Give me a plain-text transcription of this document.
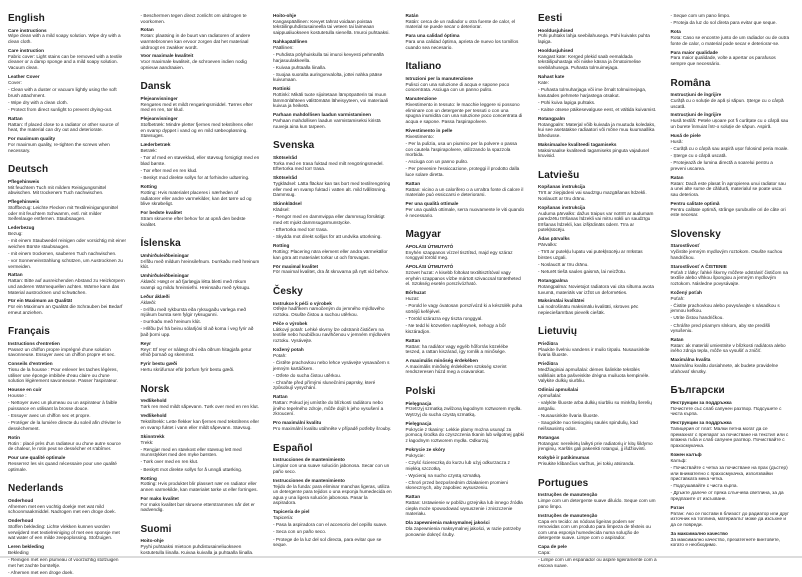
English
Care instructions
Wipe clean with a mild soapy solution. Wipe dry with a clean cloth.
Care instruction
Fabric cover: Light stains can be removed with a textile cleaner or a damp sponge and a mild soapy solution. Vacuum clean.
Leather Cover
Cover:
- Clean with a duster or vacuum lightly using the soft brush attachment.
- Wipe dry with a clean cloth.
- Protect from direct sunlight to prevent drying-out.
Rattan
Rattan: If placed close to a radiator or other source of heat, the material can dry out and deteriorate.
For maximum quality
For maximum quality, re-tighten the screws when necessary.
Deutsch
Pflegehinweis
Mit feuchtem Tuch mit mildem Reinigungsmittel abwischen. Mit trockenem Tuch nachwischen.
Pflegehinweis
Stoffbezug: Leichte Flecken mit Textilreinigungsmittel oder mit feuchtem Schwamm, evtl. mit milder Seifenlauge entfernen. Staubsaugen.
Lederbezug
Bezug:
- mit einem Staubwedel reinigen oder vorsichtig mit einer weichen Bürste staubsaugen.
- mit einem trockenen, sauberen Tuch nachwischen.
- vor Sonneneinstrahlung schützen, um Austrocknen zu vermeiden.
Rattan
Rattan: Bitte auf ausreichenden Abstand zu Heizkörpern und anderen Wärmequellen achten. Wärme kann das Material austrocknen und schwächen.
Für ein Maximum an Qualität
Für ein Maximum an Qualität die Schrauben bei Bedarf erneut anziehen.
Français
Instructions d'entretien
Passez un chiffon propre imprégné d'une solution savonneuse. Essuyer avec un chiffon propre et sec.
Conseils d'entretien
Tissu de la housse : Pour enlever les taches légères, utiliser une éponge imbibée d'eau claire ou d'une solution légèrement savonneuse. Passer l'aspirateur.
Housse en cuir
Housse :
- Nettoyer avec un plumeau ou un aspirateur à faible puissance en utilisant la brosse douce.
- Essuyer avec un chiffon sec et propre.
- Protéger de la lumière directe du soleil afin d'éviter le dessèchement.
Rotin
Rotin : placé près d'un radiateur ou d'une autre source de chaleur, le rotin peut se dessécher et s'abîmer.
Pour une qualité optimale
Resserrez les vis quand nécessaire pour une qualité optimale.
Nederlands
Onderhoud
Afnemen met een vochtig doekje met wat mild schoonmaakmiddel. Nadrogen met een droge doek.
Onderhoud
Stoffen bekleding: Lichte vlekken kunnen worden verwijderd met textielreiniging of met een sponsje met wat water of een milde zeepoplossing. Stofzuigen.
Leren bekleding
Bekleding
- Reinigen met een plumeau of voorzichtig stofzuigen met het zachte borsteltje.
- Afnemen met een droge doek.
- Beschermen tegen direct zonlicht om uitdrogen te voorkomen.
Rotan
Rotan: plaatsing in de buurt van radiatoren of andere warmtebronnen kan ervoor zorgen dat het materiaal uitdroogt en zwakker wordt.
Voor maximale kwaliteit
Voor maximale kwaliteit, de schroeven indien nodig opnieuw aandraaien.
Dansk
Plejeanvisninger
Rengøres med et mildt rengøringsmiddel. Tørres efter med en ren, tør klud.
Plejeanvisninger
Stofbetræk: Mindre pletter fjernes med tekstilrens eller en svamp dyppet i vand og en mild sæbeopløsning. Støvsuges.
Læderbetræk
Betræk:
- Tør af med en støveklud, eller støvsug forsigtigt med en blød børste.
- Tør efter med en ren klud.
- Beskyt mod direkte sollys for at forhindre udtørring.
Rotting
Rotting: Hvis materialet placeres i nærheden af radiatorer eller andre varmekilder, kan det tørre ud og blive skrøbeligt.
For bedste kvalitet
Stram skruerne efter behov for at opnå den bedste kvalitet.
Íslenska
Umhirðuleiðbeiningar
Þrífðu með mildum hreinsilefnum. Þurrkaðu með hreinum klút.
Umhirðuleiðbeiningar
Áklæði: Hægt er að fjarlægja létta bletti með rökum svampi og mildu hreinsiefni. Hreinsaðu með ryksugu.
Leður áklæði
Áklæði:
- Þrífðu með rykbursta eða ryksugaðu varlega með mjúkum bursta sem fylgir ryksugunni.
- Þurrkaðu með hreinum klút.
- Hlífðu því frá beinu sólarljósi til að koma í veg fyrir að það þorni upp.
Reyr
Reyr: Ef reyr er nálægt ofni eða öðrum hitagjafa getur efnið þornað og skemmst.
Fyrir bestu gæði
Hertu skrúfurnar eftir þörfum fyrir bestu gæði.
Norsk
Vedlikehold
Tørk ren med mildt såpevann. Tørk over med en ren klut.
Vedlikehold
Tekstiltrekk: Lette flekker kan fjernes med tekstilrens eller en svamp fuktet i vann eller mildt såpevann. Støvsug.
Skinntrekk
Trekk:
- Rengjør med en støvkost eller støvsug lett med munnstykket med den myke børsten.
- Tørk over med en ren klut.
- Beskytt mot direkte sollys for å unngå uttørking.
Rotting
Rotting: Hvis produktet blir plassert nær en radiator eller annen varmekilde, kan materialet tørke ut eller forringes.
For maks kvalitet
For maks kvalitet bør skruene etterstrammes når det er nødvendig.
Suomi
Hoito-ohje
Pyyhi puhtaaksi mietoon puhdistusaineliuokseen kostutetulla liinalla. Kuivaa kuivalla ja puhtaalla liinalla.
Hoito-ohje
Kangaspäällinen: Kevyet tahrat voidaan poistaa tekstiilinpuhdistusaineella tai veteen tai laimeaan saippualiuokseen kostutetulla sienellä. Imuroi puhtaaksi.
Nahkapäällinen
Päällinen:
- Puhdista pölyhuiskulla tai imuroi kevyesti pehmeällä harjasuulakkeella.
- Kuivaa puhtaalla liinalla.
- Suojaa suoralta auringonvalolta, jottei nahka pääse kuivumaan.
Rottinki
Rottinki: Mikäli tuote sijoitetaan lämpöpatterin tai muun lämmönlähteen välittömään läheisyyteen, voi materiaali kuivua ja heiketä.
Parhaan mahdollisen laadun varmistaminen
Parhaan mahdollisen laadun varmistamiseksi kiristä ruuveja aina kun tarpeen.
Svenska
Skötselråd
Torka med en trasa fuktad med milt rengöringsmedel. Eftertorka med torr trasa.
Skötselråd
Tygklädsel: Lätta fläckar kan tas bort med textilrengöring eller med en svamp fuktad i vatten alt. mild tvållösning. Dammsug.
Skinnklädsel
Klädsel:
- Rengör med en dammvippa eller dammsug försiktigt med ett mjukt dammsugarmunstycke.
- Eftertorka med torr trasa.
- Skydda mot direkt solljus för att undvika uttorkning.
Rotting
Rotting: Placering nära element eller andra värmekällor kan göra att materialet torkar ut och försvagas.
För maximal kvalitet
För maximal kvalitet, dra åt skruvarna på nytt vid behov.
Česky
Instrukce k péči o výrobek
Otřejte hadříkem namočeným do jemného mýdlového roztoku. Osušte čistou a suchou utěrkou.
Péče o výrobek
Látkový potah: Lehké skvrny lze odstranit čističem na textilie nebo houbičkou navlhčenou v jemném mýdlovém roztoku. Vysávejte.
Kožený potah
Potah:
- Čistěte prachovkou nebo lehce vysávejte vysavačem s jemným kartáčkem.
- Otřete do sucha čistou utěrkou.
- Chraňte před přímými slunečními paprsky, které způsobují vysychání.
Rattan
Rattan: Pokud jej umístíte do blízkosti radiátoru nebo jiného tepelného zdroje, může dojít k jeho vysušení a zkroucení.
Pro maximální kvalitu
Pro maximální kvalitu utáhněte v případě potřeby šrouby.
Español
Instrucciones de mantenimiento
Limpiar con una suave solución jabonosa. Secar con un paño seco.
Instrucciones de mantenimiento
Tejido de la funda: para eliminar manchas ligeras, utiliza un detergente para tejidos o una esponja humedecida en agua y una ligera solución jabonosa. Pasar la aspiradora.
Tapicería de piel
Tapicería:
- Pasa la aspiradora con el accesorio del cepillo suave.
- Seca con un paño seco.
- Protege de la luz del sol directa, para evitar que se seque.
Ratán
Ratán: cerca de un radiador u otra fuente de calor, el material se puede secar o deteriorar.
Para una calidad óptima
Para una calidad óptima, aprieta de nuevo los tornillos cuando sea necesario.
Italiano
Istruzioni per la manutenzione
Pulisci con una soluzione di acqua e sapone poco concentrata. Asciuga con un panno pulito.
Manutenzione
Rivestimento in tessuto: le macchie leggere si possono eliminare con un detergente per tessuti o con una spugna inumidita con una soluzione poco concentrata di acqua e sapone. Passa l'aspirapolvere.
Rivestimento in pelle
Rivestimento:
- Per la pulizia, usa un piumino per la polvere o passa con cautela l'aspirapolvere, utilizzando la spazzola morbida.
- Asciuga con un panno pulito.
- Per prevenire l'essiccazione, proteggi il prodotto dalla luce solare diretta.
Rattan
Rattan: vicino a un calorifero o a un'altra fonte di calore il materiale può essiccarsi e deteriorarsi.
Per una qualità ottimale
Per una qualità ottimale, serra nuovamente le viti quando è necessario.
Magyar
ÁPOLÁSI ÚTMUTATÓ
Enyhén szappanos vízzel tisztítsd, majd egy száraz ronggyal töröld meg.
ÁPOLÁSI ÚTMUTATÓ
Szövet huzat: A kisebb foltokat textiltisztítóval vagy enyhén szappanos vízbe mártott szivaccsal tüntetheted el. Szükség esetén porszívózható.
Bőrhuzat
Huzat:
- Porold le vagy óvatosan porszívózd ki a készülék puha sörtéjű keféjével.
- Töröld szárazra egy tiszta ronggyal.
- Ne tedd ki közvetlen napfénynek, nehogy a bőr kiszáradjon.
Rattan
Rattan: ha radiátor vagy egyéb hőforrás közelébe teszed, a rattan kiszárad, így romlik a minősége.
A maximális minőség érdekében
A maximális minőség érdekében szükség szerint rendszeresen húzd meg a csavarokat.
Polski
Pielęgnacja
Przetrzyj szmatką zwilżoną łagodnym roztworem mydła. Wytrzyj do sucha czystą szmatką.
Pielęgnacja
Pokrycie z tkaniny: Lekkie plamy można usunąć za pomocą środka do czyszczenia tkanin lub wilgotnej gąbki z łagodnym roztworem mydła. Odkurzaj.
Pokrycie ze skóry
Pokrycie:
- Czyść ściereczką do kurzu lub użyj odkurzacza z miękką szczotką.
- Wycieraj na sucho czystą szmatką.
- Chroń przed bezpośrednim działaniem promieni słonecznych, aby zapobiec wysuszeniu.
Rattan
Rattan: Ustawienie w pobliżu grzejnika lub innego źródła ciepła może spowodować wysuszenie i zniszczenie materiału.
Dla zapewnienia maksymalnej jakości
Dla zapewnienia maksymalnej jakości, w razie potrzeby ponownie dokręć śruby.
Eesti
Hooldusjuhised
Pühi puhtaks lahja seebilahusega. Pühi kuivaks puhta lapiga.
Hooldusjuhised
Kangast kate: Kerged plekid saab eemaldada tekstiilipuhastaja või niiske käsna ja õrnatoimelise seebilahusega. Puhasta tolmuimejaga.
Nahast kate
Kate:
- Puhasta tolmuharjaga või ime õrnalt tolmuimejaga, kasutades pehmete harjastega otsakut.
- Pühi kuiva lapiga puhtaks.
- Kaitse otsese päikesevalguse eest, et vältida kuivamist.
Rotangpalm
Rotangpalm: Materjal võib kuivada ja muutuda koledaks, kui see asetatakse radiaatori või mõne muu kuumaallika lähedusse.
Maksimaalse kvaliteedi tagamiseks
Maksimaalse kvaliteedi tagamiseks pinguta vajadusel kruvisid.
Latviešu
Kopšanas instrukcija
Tīrīt ar ziepjūdeni vai saudzīgu mazgāšanas līdzekli. Noslaucīt ar tīru drānu.
Kopšanas instrukcija
Auduma pārvalks: dažus traipus var notīrīt ar audumam paredzētu tīrīšanas līdzekli vai mitru sūkli un saudzīgu tīrīšanas līdzekli, kas izšķīdināts ūdenī. Tīra ar putekļsūcēju.
Ādas pārvalks
Pārvalks:
- Tīrīt ar putekļu lupatu vai putekļsūcēju ar mīkstas birstes uzgali.
- Noslaucīt ar tīru drānu.
- Neturēt tiešā saules gaismā, lai neizžūtu.
Rotangpalma
Rotangpalma: Novietojot radiatora vai cita siltuma avota tuvumā, materiāls var izžūt un deformēties.
Maksimālai kvalitātei
Lai nodrošinātu maksimālu kvalitāti, skrūves pēc nepieciešamības pievelk ciešāk.
Lietuvių
Priežiūra
Plaukite švelniu vandens ir muilo tirpalu. Nusausinkite švaria šluoste.
Priežiūra
Medžiaginiai apmušalai: dėmes šalinkite tekstilės valikliais arba pašveiskite drėgna muiluota kempinėle. Valykite dulkių siurbliu.
Odiniai apmušalai
Apmušalai:
- valykite šluoste arba dulkių siurbliu su minkštų šerelių antgaliu.
- Nusausinkite švaria šluoste.
- Saugokite nuo tiesioginių saulės spindulių, kad neišsausintų odos.
Rotangas
Rotangas: nereikėtų laikyti prie radiatorių ir kitų šildymo įrenginių. Karštis gali pakenkti rotangui, jį išdžiovinti.
Kokybė ir patikimumas
Prisukite klibančius varžtus, jei tokių atsiranda.
Portugues
Instruções de manutenção
Limpe com um detergente suave diluído. Seque com um pano limpo.
Instruções de manutenção
Capa em tecido: as nódoas ligeiras podem ser removidas com um produto para limpeza de têxteis ou com uma esponja humedecida numa solução de detergente suave. Limpe com o aspirador.
Capa de pele
Capa:
- Limpe com um espanador ou aspire ligeiramente com a escova suave.
- Seque com um pano limpo.
- Proteja da luz do sol direta para evitar que seque.
Rota
Rota: Caso se encontre junto de um radiador ou de outra fonte de calor, o material pode secar e deteriorar-se.
Para maior qualidade
Para maior qualidade, volte a apertar os parafusos sempre que necessário.
Româna
Instrucțiuni de îngrijire
Curăță cu o soluție de apă și săpun. Șterge cu o cârpă uscată.
Instrucțiuni de îngrijire
Husă textilă: Petele ușoare pot fi curățate cu o cârpă sau un burete înmuiat într-o soluție de săpun. Aspiră.
Husă de piele
Husă:
- Curăță cu o cârpă sau aspiră ușor folosind peria moale.
- Șterge cu o cârpă uscată.
- Protejează de lumina directă a soarelui pentru a preveni uscarea.
Ratan
Ratan: Dacă este plasat în apropierea unui radiator sau a unei alte surse de căldură, materialul se poate usca sau deteriora.
Pentru calitate optimă
Pentru calitate optimă, strânge șuruburile ori de câte ori este necesar.
Slovensky
Starostlivosť
Vyčistite jemným mydlovým roztokom. Osušte suchou handričkou.
Starostlivosť A ČISTENIE
Poťah z látky: ľahké škvrny môžete odstrániť čističom na textílie alebo vlhkou špongiou a jemným mydlovým roztokom. Následne povysávajte.
Kožený poťah
Poťah:
- Čistite prachovkou alebo povysávajte s násadkou s jemnou kefkou.
- Utrite čistou handričkou.
- Chráňte pred priamym slnkom, aby ste predišli vysušeniu.
Ratan
Ratan: ak materiál umiestnite v blízkosti radiátora alebo iného zdroja tepla, môže sa vysušiť a zničiť.
Maximálna kvalita
Maximálnu kvalitu dosiahnete, ak budete pravidelne uťahovať skrutky.
Български
Инструкции за поддръжка
Почистете със слаб сапунен разтвор. Подсушете с чиста кърпа.
Инструкции за поддръжка
Тапицерия от плат: Малки петна могат да се премахнат с препарат за почистване на текстил или с влажна гъба и слаб сапунен разтвор. Почиствайте с прахосмукачка.
Кожен калъф
Калъф:
- Почиствайте с четка за почистване на прах (дъстер) или внимателно с прахосмукачка, използвайки приставката мека четка.
- Подсушавайте с чиста кърпа.
- Дръжте далече от пряка слънчева светлина, за да предпазите от изсъхване.
Ратан
Ратан: Ако се постави в близост до радиатор или друг източник на топлина, материалът може да изсъхне и да се повреди.
За максимално качество
За максимално качество, презатегнете винтовете, когато е необходимо.
